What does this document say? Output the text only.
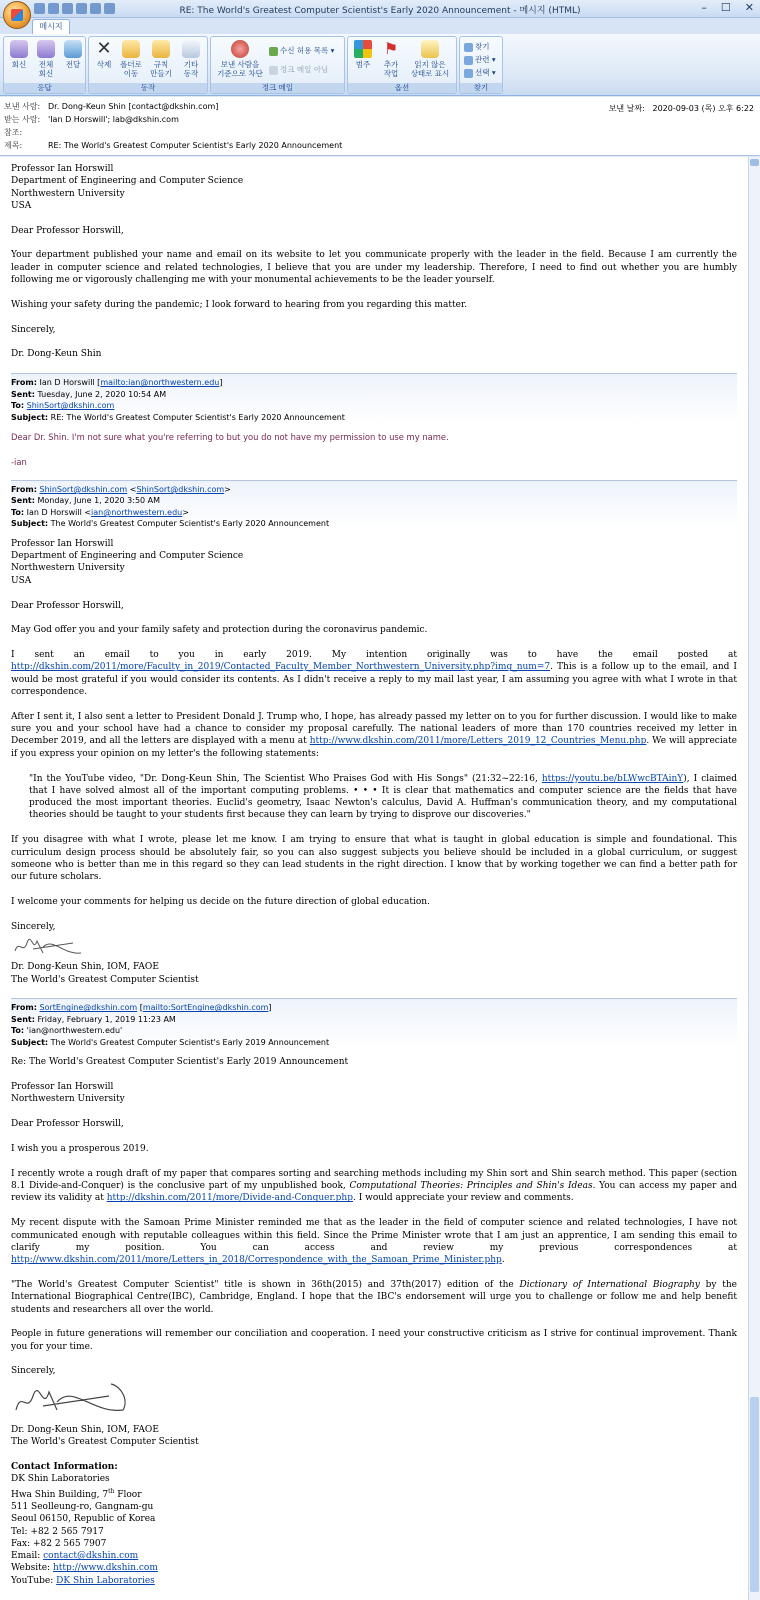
RE: The World's Greatest Computer Scientist's Early 2020 Announcement - 메시지 (HTML)	– ☐ ✕
메시지
회신	전체
회신
전달
응답
✕
삭제	폴더로
이동
규칙
만들기
기타
동작
동작
보낸 사람을
기준으로 차단
수신 허용 목록 ▾
정크 메일 아님
정크 메일
범주
⚑
추가
작업
읽지 않은
상태로 표시
옵션
찾기
관련 ▾
선택 ▾
찾기
보낸 사람: Dr. Dong-Keun Shin [contact@dkshin.com]
받는 사람: 'Ian D Horswill'; lab@dkshin.com
참조:
제목:	RE: The World's Greatest Computer Scientist's Early 2020 Announcement
보낸 날짜: 2020-09-03 (목) 오후 6:22
Professor Ian Horswill
Department of Engineering and Computer Science
Northwestern University
USA

Dear Professor Horswill,

Your department published your name and email on its website to let you communicate properly with the leader in the field. Because I am currently the leader in computer science and related technologies, I believe that you are under my leadership. Therefore, I need to find out whether you are humbly following me or vigorously challenging me with your monumental achievements to be the leader yourself.

Wishing your safety during the pandemic; I look forward to hearing from you regarding this matter.

Sincerely,

Dr. Dong-Keun Shin

From: Ian D Horswill [mailto:ian@northwestern.edu]
Sent: Tuesday, June 2, 2020 10:54 AM
To: ShinSort@dkshin.com
Subject: RE: The World's Greatest Computer Scientist's Early 2020 Announcement
Dear Dr. Shin. I'm not sure what you're referring to but you do not have my permission to use my name.
-ian
From: ShinSort@dkshin.com <ShinSort@dkshin.com>
Sent: Monday, June 1, 2020 3:50 AM
To: Ian D Horswill <ian@northwestern.edu>
Subject: The World's Greatest Computer Scientist's Early 2020 Announcement
Professor Ian Horswill
Department of Engineering and Computer Science
Northwestern University
USA

Dear Professor Horswill,

May God offer you and your family safety and protection during the coronavirus pandemic.

I sent an email to you in early 2019. My intention originally was to have the email posted at http://dkshin.com/2011/more/Faculty_in_2019/Contacted_Faculty_Member_Northwestern_University.php?img_num=7. This is a follow up to the email, and I would be most grateful if you would consider its contents. As I didn't receive a reply to my mail last year, I am assuming you agree with what I wrote in that correspondence.

After I sent it, I also sent a letter to President Donald J. Trump who, I hope, has already passed my letter on to you for further discussion. I would like to make sure you and your school have had a chance to consider my proposal carefully. The national leaders of more than 170 countries received my letter in December 2019, and all the letters are displayed with a menu at http://www.dkshin.com/2011/more/Letters_2019_12_Countries_Menu.php. We will appreciate if you express your opinion on my letter's the following statements:

"In the YouTube video, "Dr. Dong-Keun Shin, The Scientist Who Praises God with His Songs" (21:32~22:16, https://youtu.be/bLWwcBTAinY), I claimed that I have solved almost all of the important computing problems. • • • It is clear that mathematics and computer science are the fields that have produced the most important theories. Euclid's geometry, Isaac Newton's calculus, David A. Huffman's communication theory, and my computational theories should be taught to your students first because they can learn by trying to disprove our discoveries."

If you disagree with what I wrote, please let me know. I am trying to ensure that what is taught in global education is simple and foundational. This curriculum design process should be absolutely fair, so you can also suggest subjects you believe should be included in a global curriculum, or suggest someone who is better than me in this regard so they can lead students in the right direction. I know that by working together we can find a better path for our future scholars.

I welcome your comments for helping us decide on the future direction of global education.

Sincerely,

Dr. Dong-Keun Shin, IOM, FAOE
The World's Greatest Computer Scientist
From: SortEngine@dkshin.com [mailto:SortEngine@dkshin.com]
Sent: Friday, February 1, 2019 11:23 AM
To: 'ian@northwestern.edu'
Subject: The World's Greatest Computer Scientist's Early 2019 Announcement

Re: The World's Greatest Computer Scientist's Early 2019 Announcement

Professor Ian Horswill
Northwestern University

Dear Professor Horswill,

I wish you a prosperous 2019.

I recently wrote a rough draft of my paper that compares sorting and searching methods including my Shin sort and Shin search method. This paper (section 8.1 Divide-and-Conquer) is the conclusive part of my unpublished book, Computational Theories: Principles and Shin's Ideas. You can access my paper and review its validity at http://dkshin.com/2011/more/Divide-and-Conquer.php. I would appreciate your review and comments.

My recent dispute with the Samoan Prime Minister reminded me that as the leader in the field of computer science and related technologies, I have not communicated enough with reputable colleagues within this field. Since the Prime Minister wrote that I am just an apprentice, I am sending this email to clarify my position. You can access and review my previous correspondences at http://www.dkshin.com/2011/more/Letters_in_2018/Correspondence_with_the_Samoan_Prime_Minister.php.

"The World's Greatest Computer Scientist" title is shown in 36th(2015) and 37th(2017) edition of the Dictionary of International Biography by the International Biographical Centre(IBC), Cambridge, England. I hope that the IBC's endorsement will urge you to challenge or follow me and help benefit students and researchers all over the world.

People in future generations will remember our conciliation and cooperation. I need your constructive criticism as I strive for continual improvement. Thank you for your time.

Sincerely,

Dr. Dong-Keun Shin, IOM, FAOE
The World's Greatest Computer Scientist
Contact Information:
DK Shin Laboratories
Hwa Shin Building, 7th Floor
511 Seolleung-ro, Gangnam-gu
Seoul 06150, Republic of Korea
Tel: +82 2 565 7917
Fax: +82 2 565 7907
Email: contact@dkshin.com
Website: http://www.dkshin.com
YouTube: DK Shin Laboratories
